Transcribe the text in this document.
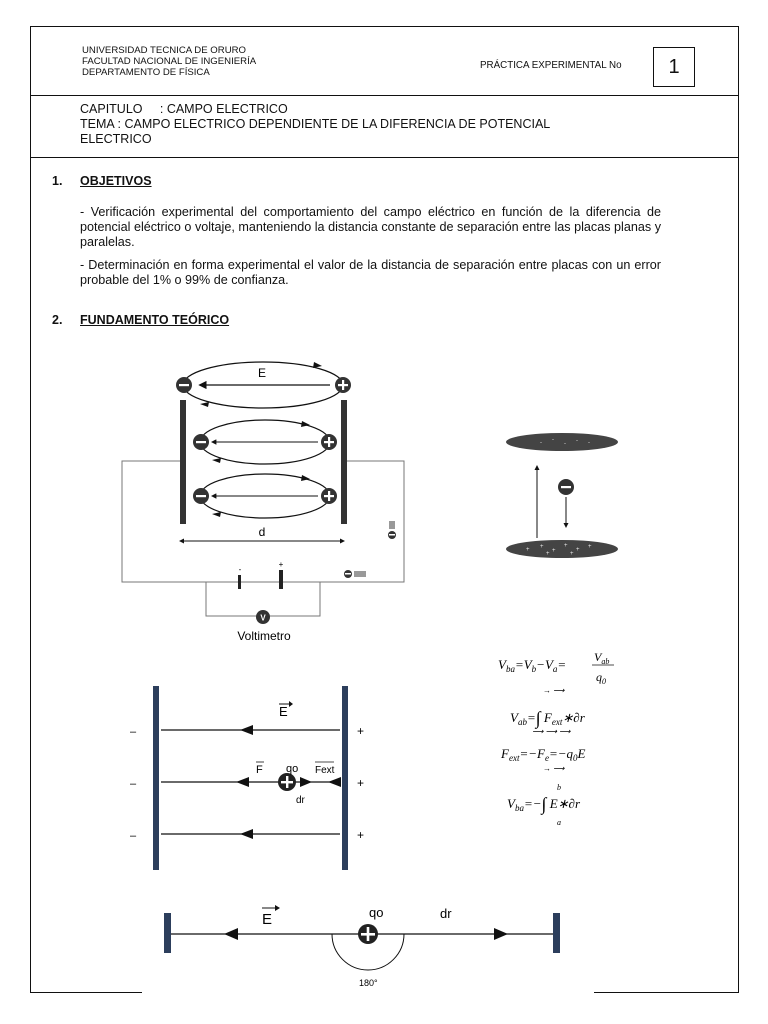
UNIVERSIDAD TECNICA DE ORURO
FACULTAD NACIONAL DE INGENIERÍA
DEPARTAMENTO DE FÍSICA
PRÁCTICA EXPERIMENTAL No	1
CAPITULO     : CAMPO ELECTRICO
TEMA : CAMPO ELECTRICO DEPENDIENTE DE LA DIFERENCIA DE POTENCIAL
ELECTRICO
1. OBJETIVOS
- Verificación experimental del comportamiento del campo eléctrico en función de la diferencia de potencial eléctrico o voltaje, manteniendo la distancia constante de separación entre las placas planas y paralelas.
- Determinación en forma experimental el valor de la distancia de separación entre placas con un error probable del 1% o 99% de confianza.
2. FUNDAMENTO TEÓRICO
E
d
-
+
V
Voltimetro
- -
- - -
+ +
+
+
+ +
+	+
E
F qo Fext
dr
–
–
–
+
+
+
E	qo	dr
180°
$V_{ba}=V_b-V_a= V_{ab}$
$q_0$
→ ⟶
$V_{ab}=\int$ $F_{ext}∗\partial r$
⟶ ⟶ ⟶
$F_{ext}=-F_e=-q_0E$
→ ⟶
b
$V_{ba}=-\int$ E∗∂r
a
